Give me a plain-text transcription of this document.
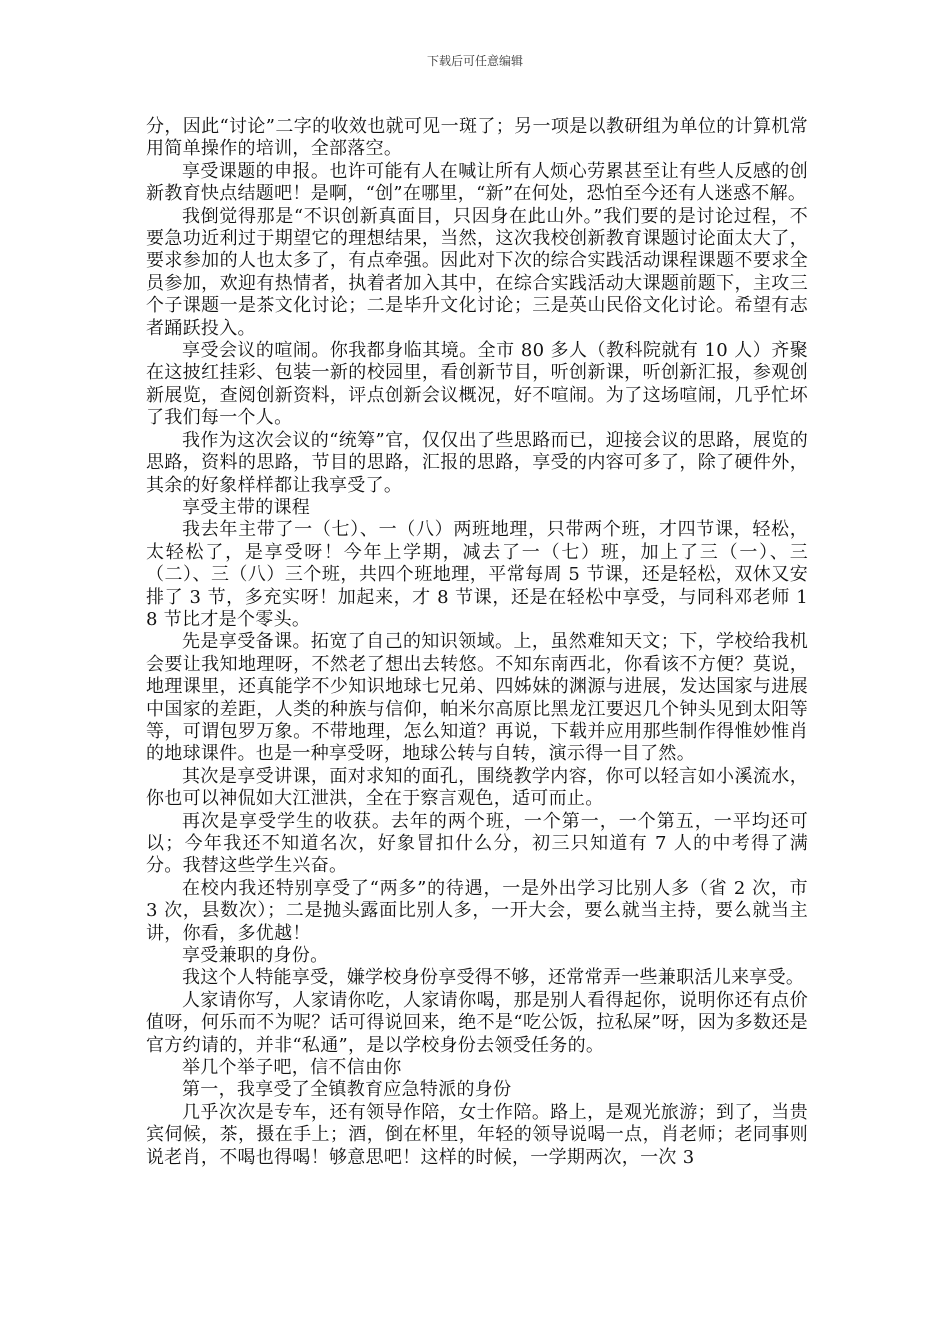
下载后可任意编辑

分，因此“讨论”二字的收效也就可见一斑了；另一项是以教研组为单位的计算机常用简单操作的培训，全部落空。

享受课题的申报。也许可能有人在喊让所有人烦心劳累甚至让有些人反感的创新教育快点结题吧！是啊，“创”在哪里，“新”在何处，恐怕至今还有人迷惑不解。

我倒觉得那是“不识创新真面目，只因身在此山外。”我们要的是讨论过程，不要急功近利过于期望它的理想结果，当然，这次我校创新教育课题讨论面太大了，要求参加的人也太多了，有点牵强。因此对下次的综合实践活动课程课题不要求全员参加，欢迎有热情者，执着者加入其中，在综合实践活动大课题前题下，主攻三个子课题一是茶文化讨论；二是毕升文化讨论；三是英山民俗文化讨论。希望有志者踊跃投入。

享受会议的喧闹。你我都身临其境。全市 80 多人（教科院就有 10 人）齐聚在这披红挂彩、包装一新的校园里，看创新节目，听创新课，听创新汇报，参观创新展览，查阅创新资料，评点创新会议概况，好不喧闹。为了这场喧闹，几乎忙坏了我们每一个人。

我作为这次会议的“统筹”官，仅仅出了些思路而已，迎接会议的思路，展览的思路，资料的思路，节目的思路，汇报的思路，享受的内容可多了，除了硬件外，其余的好象样样都让我享受了。

享受主带的课程

我去年主带了一（七）、一（八）两班地理，只带两个班，才四节课，轻松，太轻松了，是享受呀！今年上学期，减去了一（七）班，加上了三（一）、三（二）、三（八）三个班，共四个班地理，平常每周 5 节课，还是轻松，双休又安排了 3 节，多充实呀！加起来，才 8 节课，还是在轻松中享受，与同科邓老师 18 节比才是个零头。

先是享受备课。拓宽了自己的知识领域。上，虽然难知天文；下，学校给我机会要让我知地理呀，不然老了想出去转悠。不知东南西北，你看该不方便？莫说，地理课里，还真能学不少知识地球七兄弟、四姊妹的渊源与进展，发达国家与进展中国家的差距，人类的种族与信仰，帕米尔高原比黑龙江要迟几个钟头见到太阳等等，可谓包罗万象。不带地理，怎么知道？再说，下载并应用那些制作得惟妙惟肖的地球课件。也是一种享受呀，地球公转与自转，演示得一目了然。

其次是享受讲课，面对求知的面孔，围绕教学内容，你可以轻言如小溪流水，你也可以神侃如大江泄洪，全在于察言观色，适可而止。

再次是享受学生的收获。去年的两个班，一个第一，一个第五，一平均还可以；今年我还不知道名次，好象冒扣什么分，初三只知道有 7 人的中考得了满分。我替这些学生兴奋。

在校内我还特别享受了“两多”的待遇，一是外出学习比别人多（省 2 次，市 3 次，县数次）；二是抛头露面比别人多，一开大会，要么就当主持，要么就当主讲，你看，多优越！

享受兼职的身份。

我这个人特能享受，嫌学校身份享受得不够，还常常弄一些兼职活儿来享受。

人家请你写，人家请你吃，人家请你喝，那是别人看得起你，说明你还有点价值呀，何乐而不为呢？话可得说回来，绝不是“吃公饭，拉私屎”呀，因为多数还是官方约请的，并非“私通”，是以学校身份去领受任务的。

举几个举子吧，信不信由你

第一，我享受了全镇教育应急特派的身份

几乎次次是专车，还有领导作陪，女士作陪。路上，是观光旅游；到了，当贵宾伺候，茶，摄在手上；酒，倒在杯里，年轻的领导说喝一点，肖老师；老同事则说老肖，不喝也得喝！够意思吧！这样的时候，一学期两次，一次 3
